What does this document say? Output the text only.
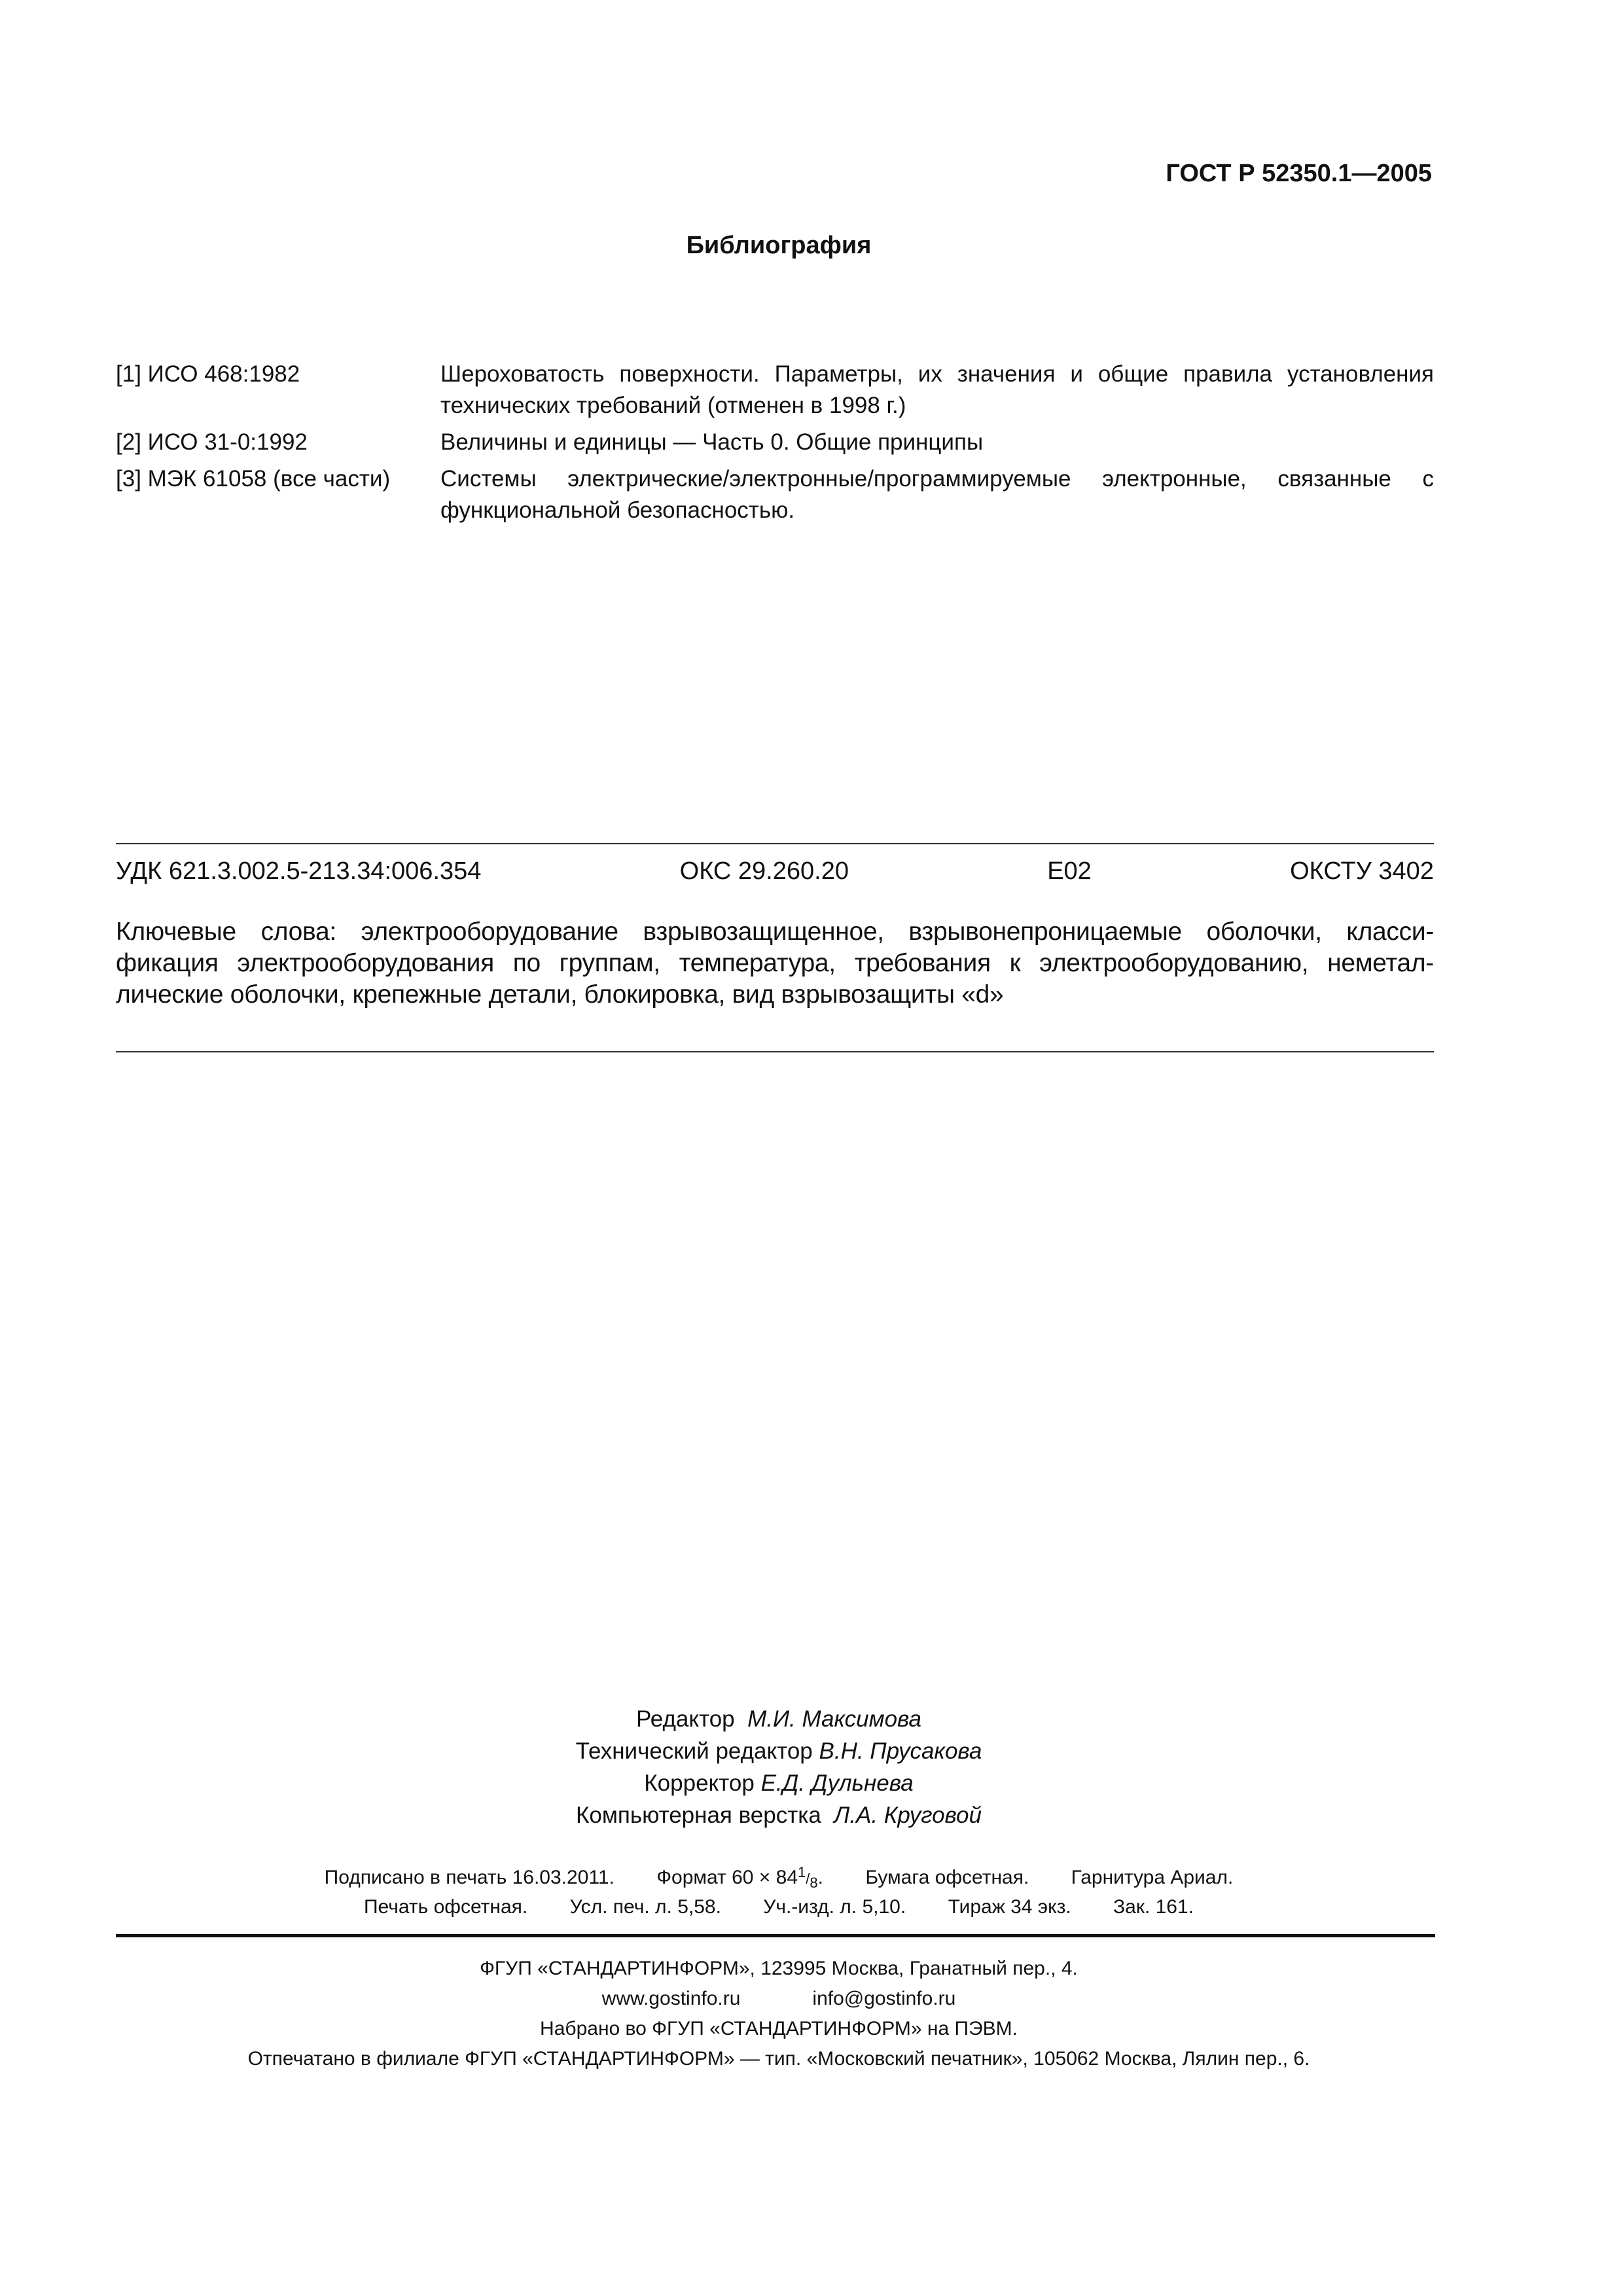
ГОСТ Р 52350.1—2005
Библиография
[1] ИСО 468:1982	Шероховатость поверхности. Параметры, их значения и общие правила установления технических требований (отменен в 1998 г.)
[2] ИСО 31-0:1992	Величины и единицы — Часть 0. Общие принципы
[3] МЭК 61058 (все части)	Системы электрические/электронные/программируемые электронные, связанные с функциональной безопасностью.
УДК 621.3.002.5-213.34:006.354	ОКС 29.260.20	Е02	ОКСТУ 3402
Ключевые слова: электрооборудование взрывозащищенное, взрывонепроницаемые оболочки, класси-
фикация электрооборудования по группам, температура, требования к электрооборудованию, неметал-
лические оболочки, крепежные детали, блокировка, вид взрывозащиты «d»
Редактор М.И. Максимова
Технический редактор В.Н. Прусакова
Корректор Е.Д. Дульнева
Компьютерная верстка Л.А. Круговой
Подписано в печать 16.03.2011. Формат $60 \times 84^1/_8$. Бумага офсетная. Гарнитура Ариал.
Печать офсетная. Усл. печ. л. 5,58. Уч.-изд. л. 5,10. Тираж 34 экз. Зак. 161.
ФГУП «СТАНДАРТИНФОРМ», 123995 Москва, Гранатный пер., 4.
www.gostinfo.ru	info@gostinfo.ru
Набрано во ФГУП «СТАНДАРТИНФОРМ» на ПЭВМ.
Отпечатано в филиале ФГУП «СТАНДАРТИНФОРМ» — тип. «Московский печатник», 105062 Москва, Лялин пер., 6.
